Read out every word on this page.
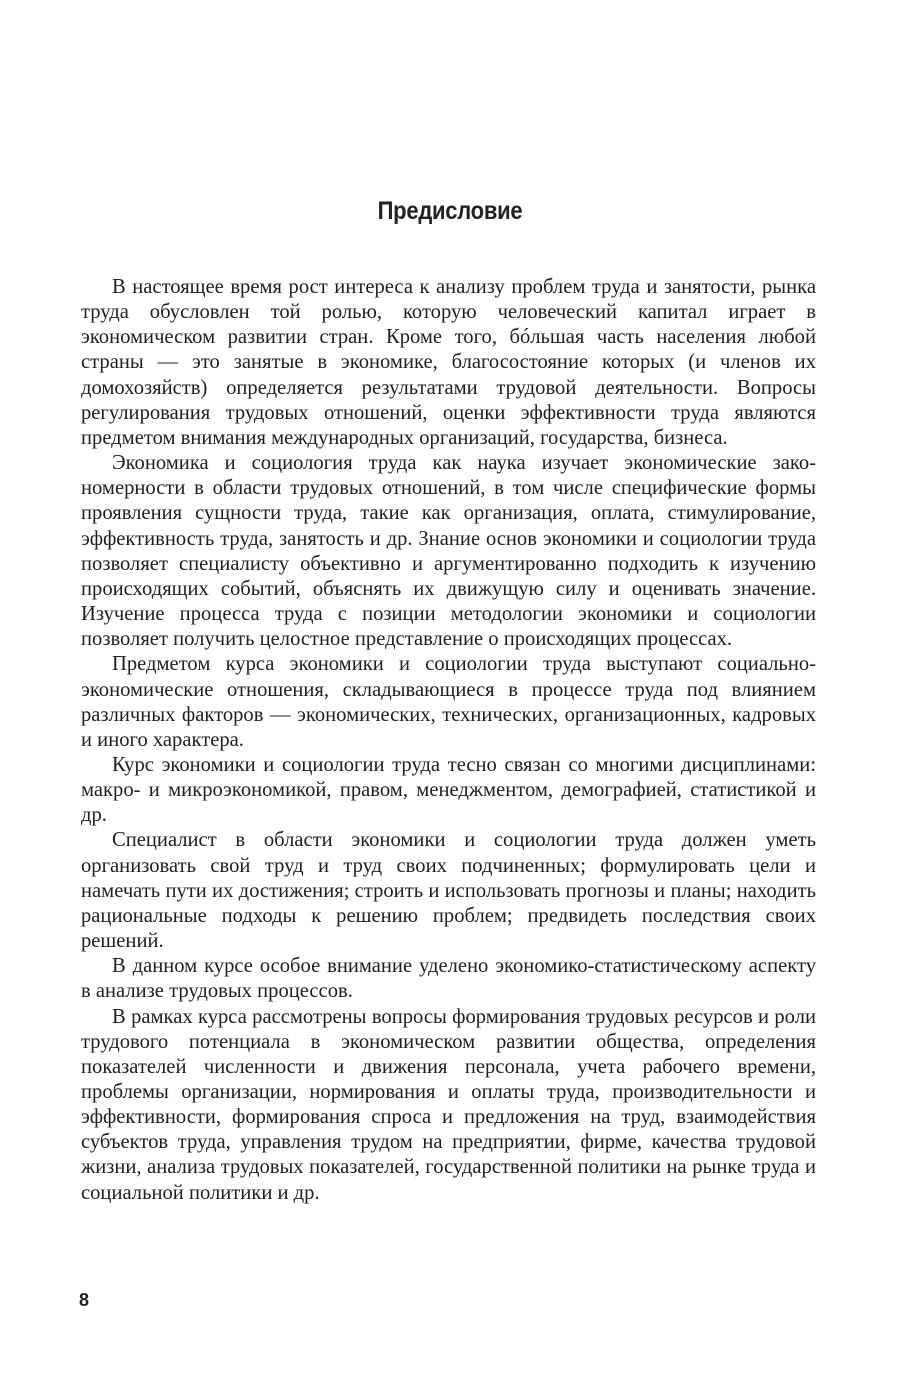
Предисловие

В настоящее время рост интереса к анализу проблем труда и занятости, рынка труда обусловлен той ролью, которую человеческий капитал играет в экономическом развитии стран. Кроме того, бóльшая часть населения любой страны — это занятые в экономике, благосостояние которых (и членов их домохозяйств) определяется результатами трудовой деятельности. Вопросы регулирования трудовых отношений, оценки эффективности труда являются предметом внимания международных организаций, государства, бизнеса.

Экономика и социология труда как наука изучает экономические закономерности в области трудовых отношений, в том числе специфические формы проявления сущности труда, такие как организация, оплата, стимулирование, эффективность труда, занятость и др. Знание основ экономики и социологии труда позволяет специалисту объективно и аргументированно подходить к изучению происходящих событий, объяснять их движущую силу и оценивать значение. Изучение процесса труда с позиции методологии экономики и социологии позволяет получить целостное представление о происходящих процессах.

Предметом курса экономики и социологии труда выступают социально-экономические отношения, складывающиеся в процессе труда под влиянием различных факторов — экономических, технических, организационных, кадровых и иного характера.

Курс экономики и социологии труда тесно связан со многими дисциплинами: макро- и микроэкономикой, правом, менеджментом, демографией, статистикой и др.

Специалист в области экономики и социологии труда должен уметь организовать свой труд и труд своих подчиненных; формулировать цели и намечать пути их достижения; строить и использовать прогнозы и планы; находить рациональные подходы к решению проблем; предвидеть последствия своих решений.

В данном курсе особое внимание уделено экономико-статистическому аспекту в анализе трудовых процессов.

В рамках курса рассмотрены вопросы формирования трудовых ресурсов и роли трудового потенциала в экономическом развитии общества, определения показателей численности и движения персонала, учета рабочего времени, проблемы организации, нормирования и оплаты труда, производительности и эффективности, формирования спроса и предложения на труд, взаимодействия субъектов труда, управления трудом на предприятии, фирме, качества трудовой жизни, анализа трудовых показателей, государственной политики на рынке труда и социальной политики и др.

8
